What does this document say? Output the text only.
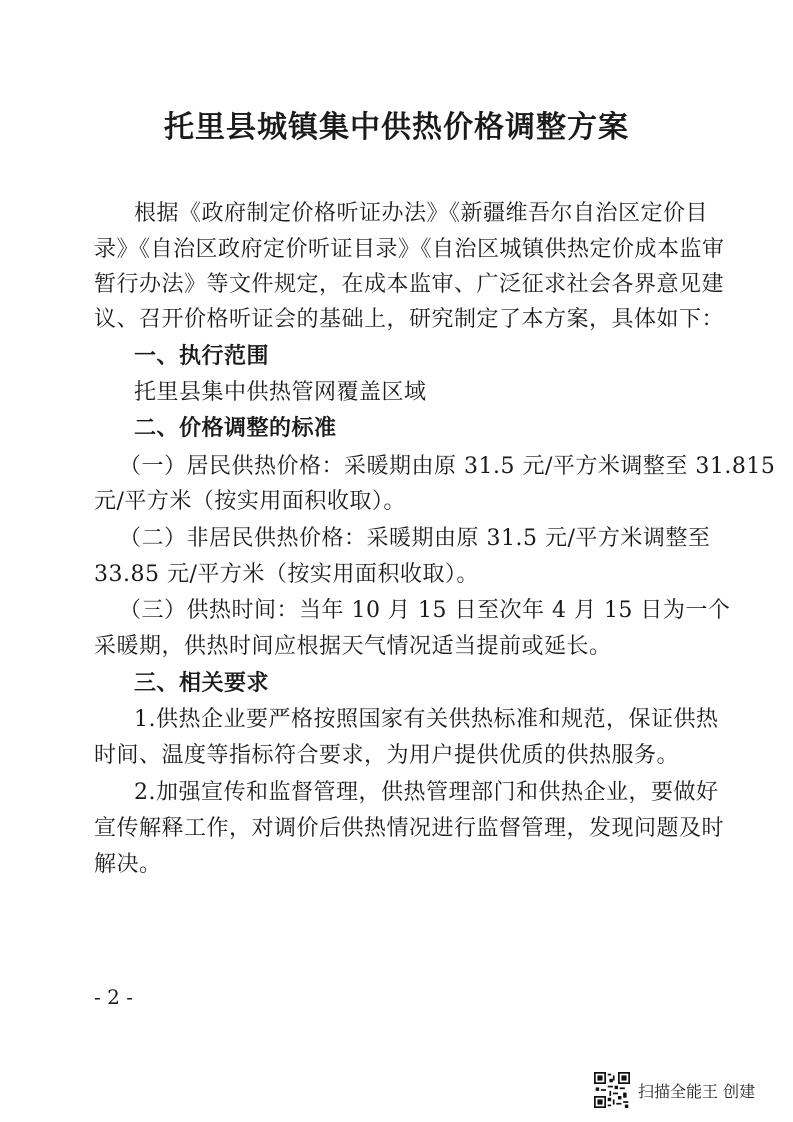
托里县城镇集中供热价格调整方案
根据《政府制定价格听证办法》《新疆维吾尔自治区定价目
录》《自治区政府定价听证目录》《自治区城镇供热定价成本监审
暂行办法》等文件规定，在成本监审、广泛征求社会各界意见建
议、召开价格听证会的基础上，研究制定了本方案，具体如下：
一、执行范围
托里县集中供热管网覆盖区域
二、价格调整的标准
（一）居民供热价格：采暖期由原 31.5 元/平方米调整至 31.815
元/平方米（按实用面积收取）。
（二）非居民供热价格：采暖期由原 31.5 元/平方米调整至
33.85 元/平方米（按实用面积收取）。
（三）供热时间：当年 10 月 15 日至次年 4 月 15 日为一个
采暖期，供热时间应根据天气情况适当提前或延长。
三、相关要求
1.供热企业要严格按照国家有关供热标准和规范，保证供热
时间、温度等指标符合要求，为用户提供优质的供热服务。
2.加强宣传和监督管理，供热管理部门和供热企业，要做好
宣传解释工作，对调价后供热情况进行监督管理，发现问题及时
解决。
- 2 -
扫描全能王 创建
